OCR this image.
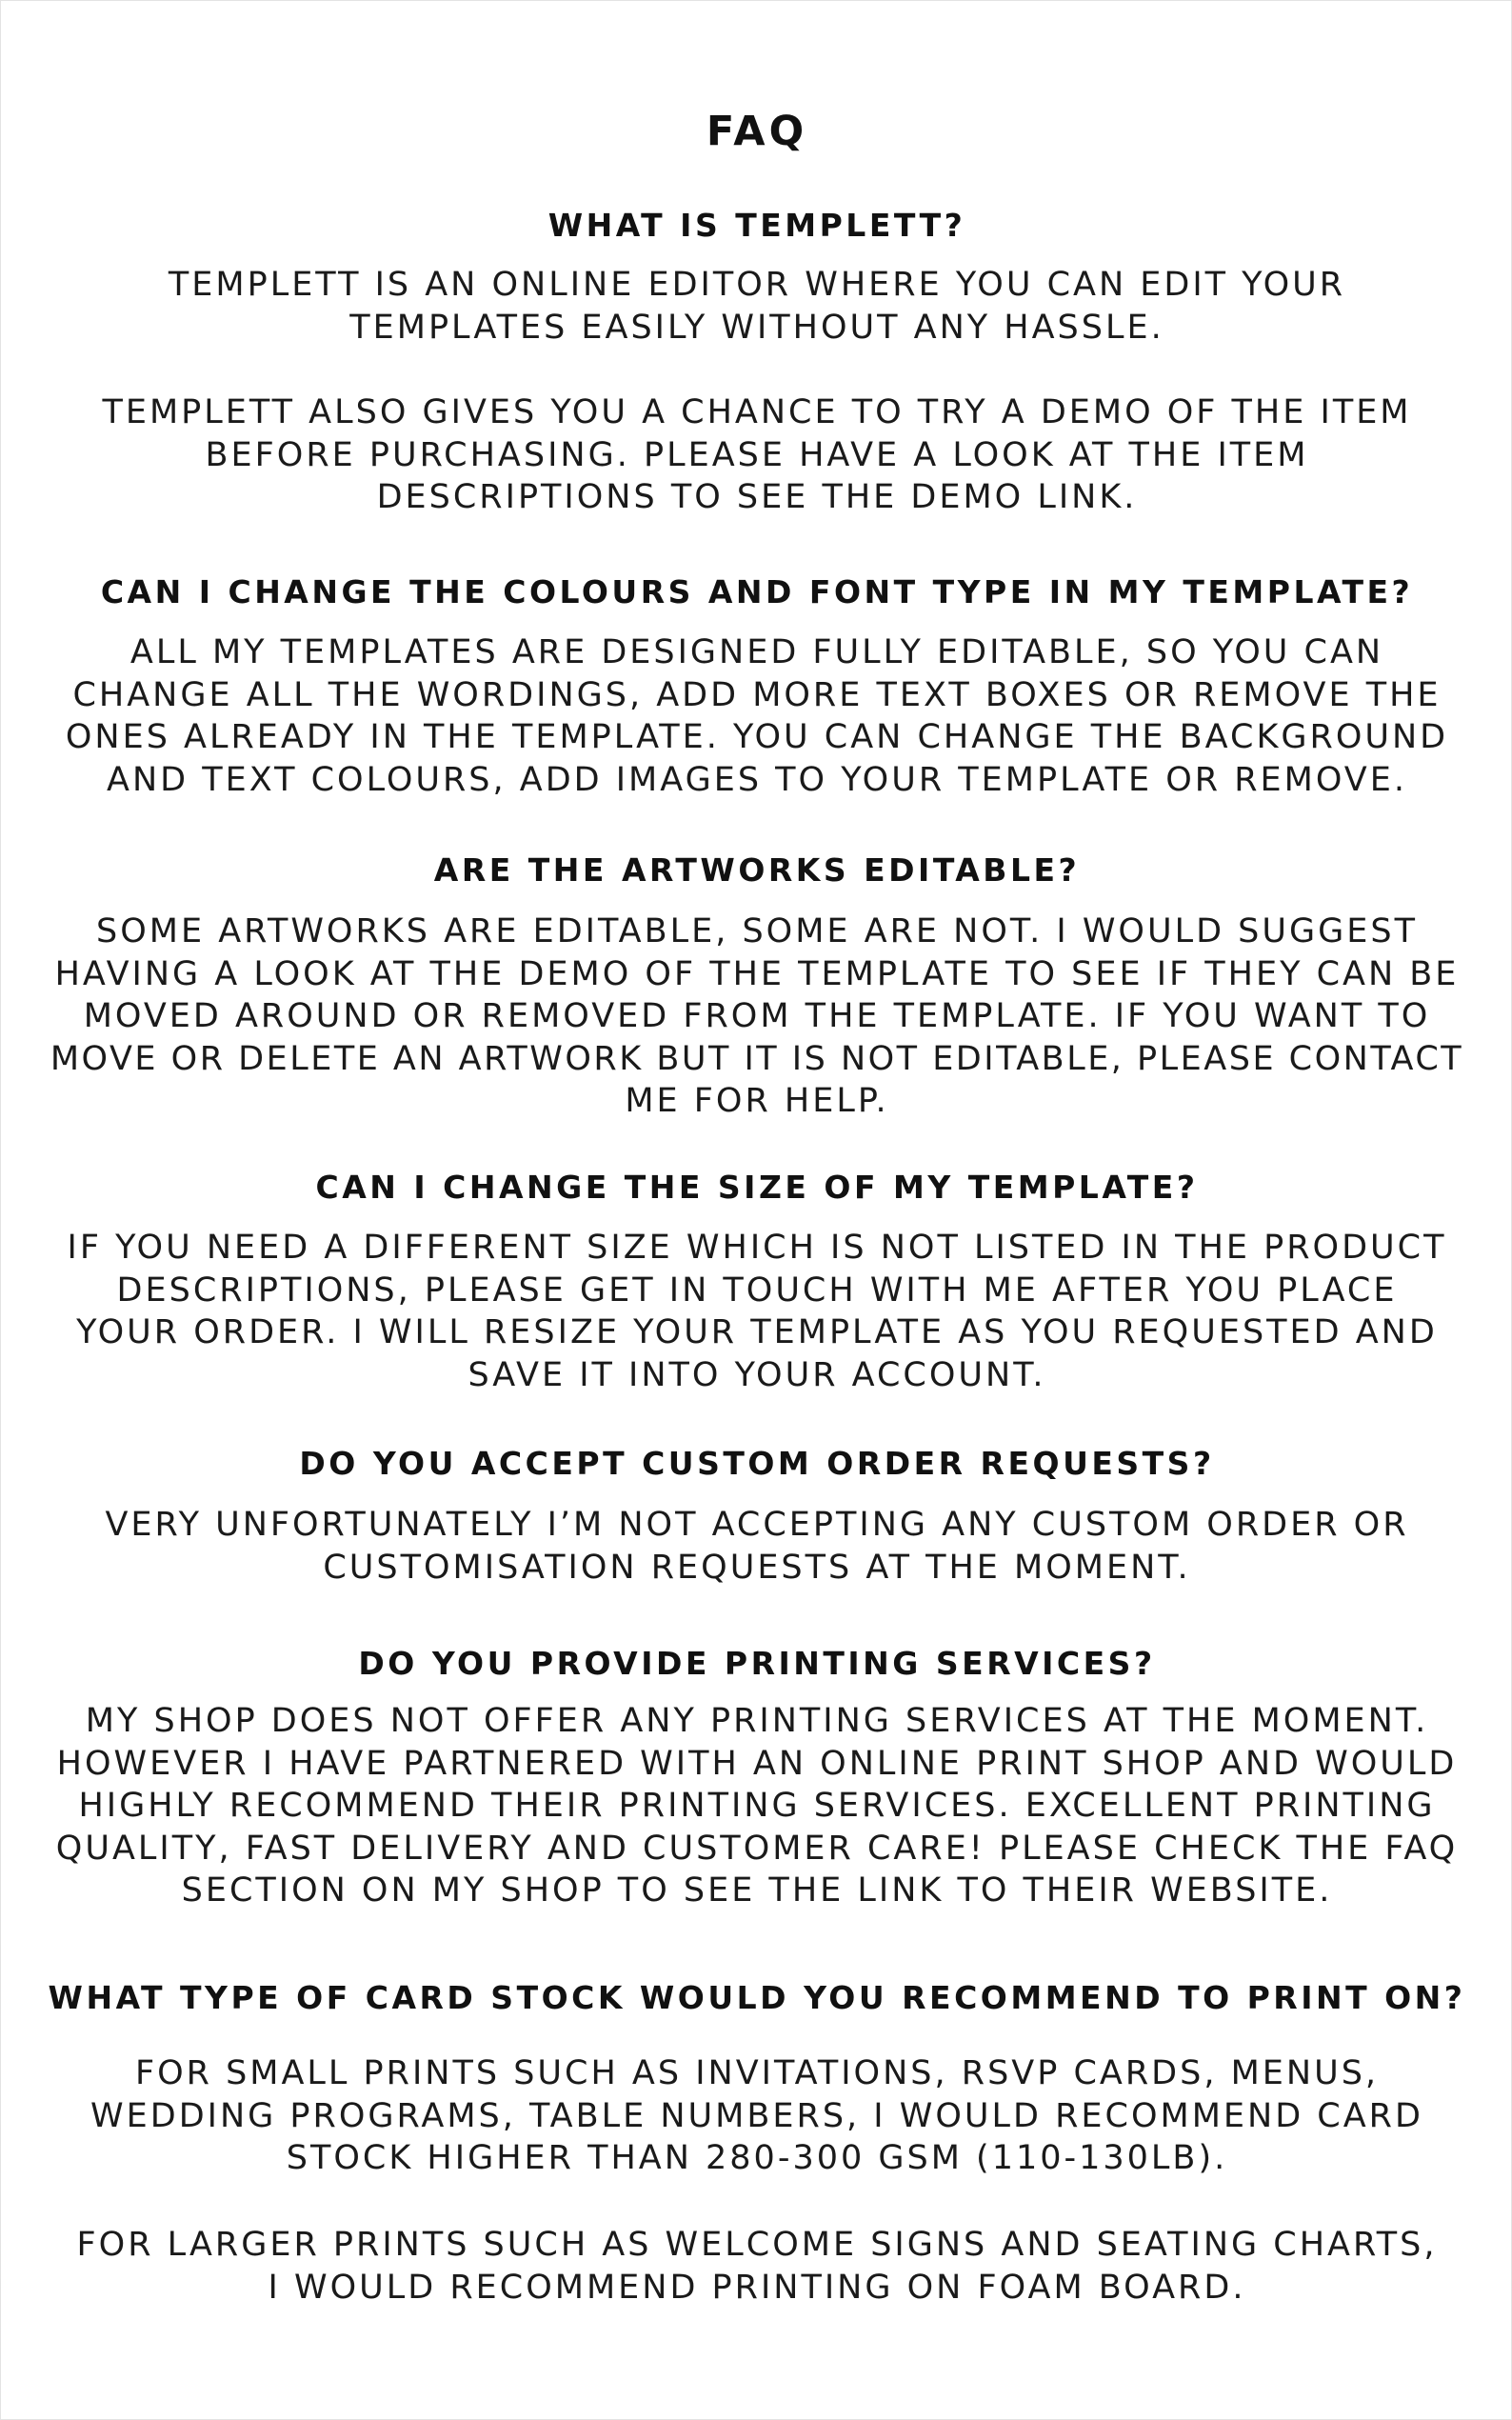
FAQ
WHAT IS TEMPLETT?

TEMPLETT IS AN ONLINE EDITOR WHERE YOU CAN EDIT YOUR
TEMPLATES EASILY WITHOUT ANY HASSLE.

TEMPLETT ALSO GIVES YOU A CHANCE TO TRY A DEMO OF THE ITEM
BEFORE PURCHASING. PLEASE HAVE A LOOK AT THE ITEM
DESCRIPTIONS TO SEE THE DEMO LINK.

CAN I CHANGE THE COLOURS AND FONT TYPE IN MY TEMPLATE?

ALL MY TEMPLATES ARE DESIGNED FULLY EDITABLE, SO YOU CAN
CHANGE ALL THE WORDINGS, ADD MORE TEXT BOXES OR REMOVE THE
ONES ALREADY IN THE TEMPLATE. YOU CAN CHANGE THE BACKGROUND
AND TEXT COLOURS, ADD IMAGES TO YOUR TEMPLATE OR REMOVE.

ARE THE ARTWORKS EDITABLE?

SOME ARTWORKS ARE EDITABLE, SOME ARE NOT. I WOULD SUGGEST
HAVING A LOOK AT THE DEMO OF THE TEMPLATE TO SEE IF THEY CAN BE
MOVED AROUND OR REMOVED FROM THE TEMPLATE. IF YOU WANT TO
MOVE OR DELETE AN ARTWORK BUT IT IS NOT EDITABLE, PLEASE CONTACT
ME FOR HELP.

CAN I CHANGE THE SIZE OF MY TEMPLATE?

IF YOU NEED A DIFFERENT SIZE WHICH IS NOT LISTED IN THE PRODUCT
DESCRIPTIONS, PLEASE GET IN TOUCH WITH ME AFTER YOU PLACE
YOUR ORDER. I WILL RESIZE YOUR TEMPLATE AS YOU REQUESTED AND
SAVE IT INTO YOUR ACCOUNT.

DO YOU ACCEPT CUSTOM ORDER REQUESTS?

VERY UNFORTUNATELY I’M NOT ACCEPTING ANY CUSTOM ORDER OR
CUSTOMISATION REQUESTS AT THE MOMENT.

DO YOU PROVIDE PRINTING SERVICES?

MY SHOP DOES NOT OFFER ANY PRINTING SERVICES AT THE MOMENT.
HOWEVER I HAVE PARTNERED WITH AN ONLINE PRINT SHOP AND WOULD
HIGHLY RECOMMEND THEIR PRINTING SERVICES. EXCELLENT PRINTING
QUALITY, FAST DELIVERY AND CUSTOMER CARE! PLEASE CHECK THE FAQ
SECTION ON MY SHOP TO SEE THE LINK TO THEIR WEBSITE.

WHAT TYPE OF CARD STOCK WOULD YOU RECOMMEND TO PRINT ON?

FOR SMALL PRINTS SUCH AS INVITATIONS, RSVP CARDS, MENUS,
WEDDING PROGRAMS, TABLE NUMBERS, I WOULD RECOMMEND CARD
STOCK HIGHER THAN 280-300 GSM (110-130LB).

FOR LARGER PRINTS SUCH AS WELCOME SIGNS AND SEATING CHARTS,
I WOULD RECOMMEND PRINTING ON FOAM BOARD.
